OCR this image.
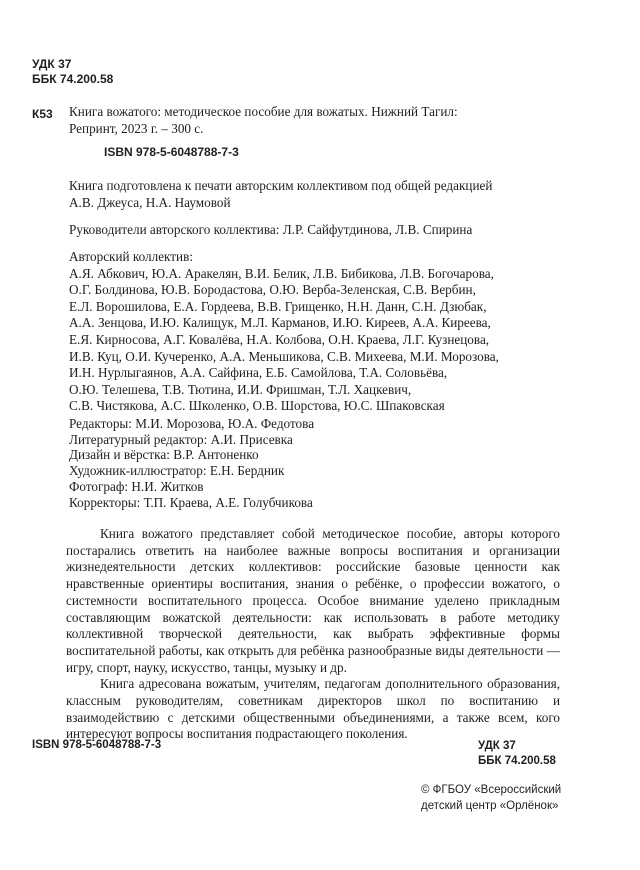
УДК 37
ББК 74.200.58
К53 Книга вожатого: методическое пособие для вожатых. Нижний Тагил:
Репринт, 2023 г. – 300 с.
ISBN 978-5-6048788-7-3
Книга подготовлена к печати авторским коллективом под общей редакцией
А.В. Джеуса, Н.А. Наумовой
Руководители авторского коллектива: Л.Р. Сайфутдинова, Л.В. Спирина
Авторский коллектив:
А.Я. Абкович, Ю.А. Аракелян, В.И. Белик, Л.В. Бибикова, Л.В. Богочарова,
О.Г. Болдинова, Ю.В. Бородастова, О.Ю. Верба-Зеленская, С.В. Вербин,
Е.Л. Ворошилова, Е.А. Гордеева, В.В. Грищенко, Н.Н. Данн, С.Н. Дзюбак,
А.А. Зенцова, И.Ю. Калищук, М.Л. Карманов, И.Ю. Киреев, А.А. Киреева,
Е.Я. Кирносова, А.Г. Ковалёва, Н.А. Колбова, О.Н. Краева, Л.Г. Кузнецова,
И.В. Куц, О.И. Кучеренко, А.А. Меньшикова, С.В. Михеева, М.И. Морозова,
И.Н. Нурлыгаянов, А.А. Сайфина, Е.Б. Самойлова, Т.А. Соловьёва,
О.Ю. Телешева, Т.В. Тютина, И.И. Фришман, Т.Л. Хацкевич,
С.В. Чистякова, А.С. Школенко, О.В. Шорстова, Ю.С. Шпаковская
Редакторы: М.И. Морозова, Ю.А. Федотова
Литературный редактор: А.И. Присевка
Дизайн и вёрстка: В.Р. Антоненко
Художник-иллюстратор: Е.Н. Бердник
Фотограф: Н.И. Житков
Корректоры: Т.П. Краева, А.Е. Голубчикова

Книга вожатого представляет собой методическое пособие, авторы которого постарались ответить на наиболее важные вопросы воспитания и организации жизнедеятельности детских коллективов: российские базовые ценности как нравственные ориентиры воспитания, знания о ребёнке, о профессии вожатого, о системности воспитательного процесса. Особое внимание уделено прикладным составляющим вожатской деятельности: как использовать в работе методику коллективной творческой деятельности, как выбрать эффективные формы воспитательной работы, как открыть для ребёнка разнообразные виды деятельности — игру, спорт, науку, искусство, танцы, музыку и др.

Книга адресована вожатым, учителям, педагогам дополнительного образования, классным руководителям, советникам директоров школ по воспитанию и взаимодействию с детскими общественными объединениями, а также всем, кого интересуют вопросы воспитания подрастающего поколения.

ISBN 978-5-6048788-7-3	УДК 37
ББК 74.200.58
© ФГБОУ «Всероссийский
детский центр «Орлёнок»
